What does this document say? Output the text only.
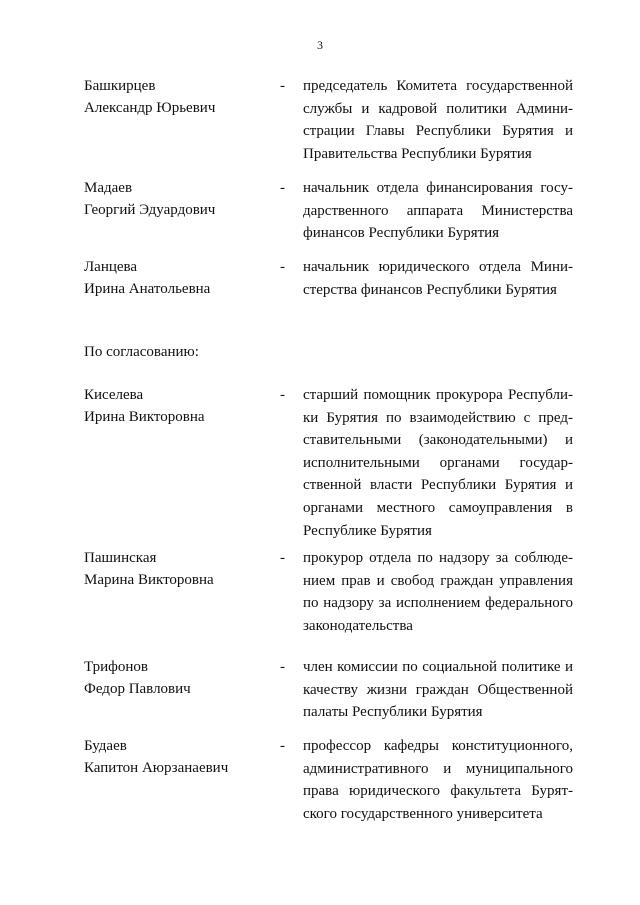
3
Башкирцев
Александр Юрьевич
- председатель Комитета государственной
службы и кадровой политики Админи-
страции Главы Республики Бурятия и
Правительства Республики Бурятия
Мадаев
Георгий Эдуардович
- начальник отдела финансирования госу-
дарственного аппарата Министерства
финансов Республики Бурятия
Ланцева
Ирина Анатольевна
- начальник юридического отдела Мини-
стерства финансов Республики Бурятия
По согласованию:
Киселева
Ирина Викторовна
- старший помощник прокурора Республи-
ки Бурятия по взаимодействию с пред-
ставительными (законодательными) и
исполнительными органами государ-
ственной власти Республики Бурятия и
органами местного самоуправления в
Республике Бурятия
Пашинская
Марина Викторовна
- прокурор отдела по надзору за соблюде-
нием прав и свобод граждан управления
по надзору за исполнением федерального
законодательства
Трифонов
Федор Павлович
- член комиссии по социальной политике и
качеству жизни граждан Общественной
палаты Республики Бурятия
Будаев
Капитон Аюрзанаевич
- профессор кафедры конституционного,
административного и муниципального
права юридического факультета Бурят-
ского государственного университета
